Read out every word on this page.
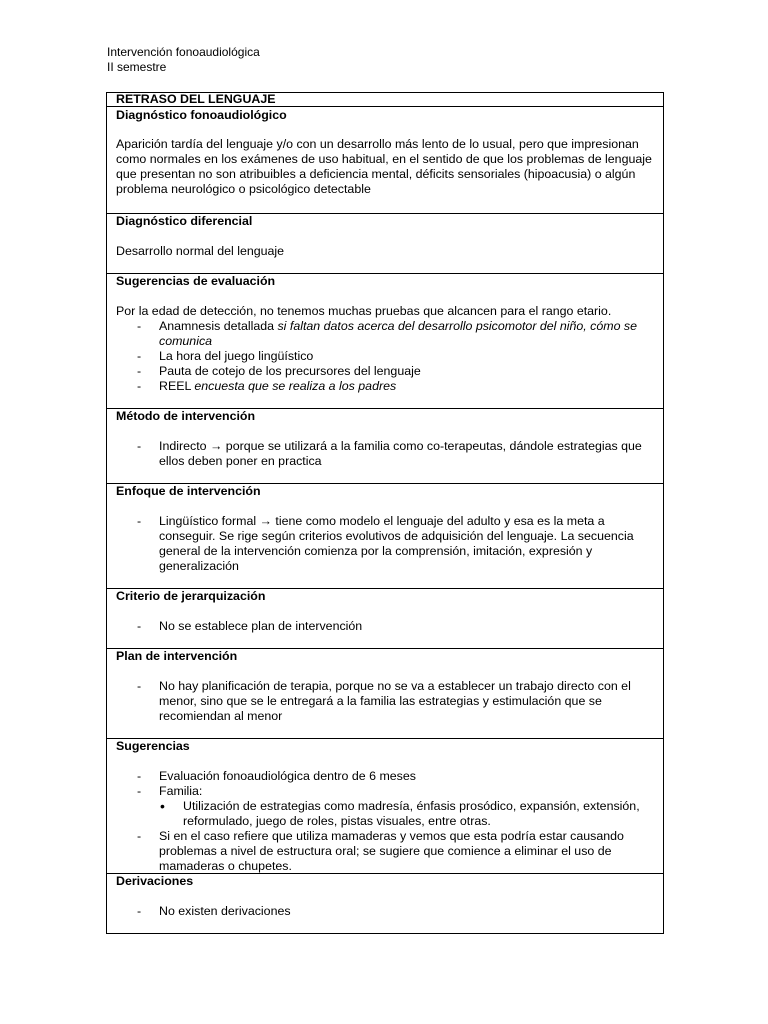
Intervención fonoaudiológica
II semestre
RETRASO DEL LENGUAJE

Diagnóstico fonoaudiológico

Aparición tardía del lenguaje y/o con un desarrollo más lento de lo usual, pero que impresionan como normales en los exámenes de uso habitual, en el sentido de que los problemas de lenguaje que presentan no son atribuibles a deficiencia mental, déficits sensoriales (hipoacusia) o algún problema neurológico o psicológico detectable

Diagnóstico diferencial

Desarrollo normal del lenguaje

Sugerencias de evaluación

Por la edad de detección, no tenemos muchas pruebas que alcancen para el rango etario.

- Anamnesis detallada si faltan datos acerca del desarrollo psicomotor del niño, cómo se comunica
- La hora del juego lingüístico
- Pauta de cotejo de los precursores del lenguaje
- REEL encuesta que se realiza a los padres

Método de intervención

- Indirecto → porque se utilizará a la familia como co-terapeutas, dándole estrategias que ellos deben poner en practica

Enfoque de intervención

- Lingüístico formal → tiene como modelo el lenguaje del adulto y esa es la meta a conseguir. Se rige según criterios evolutivos de adquisición del lenguaje. La secuencia general de la intervención comienza por la comprensión, imitación, expresión y generalización

Criterio de jerarquización

- No se establece plan de intervención

Plan de intervención

- No hay planificación de terapia, porque no se va a establecer un trabajo directo con el menor, sino que se le entregará a la familia las estrategias y estimulación que se recomiendan al menor

Sugerencias

- Evaluación fonoaudiológica dentro de 6 meses
- Familia:
• Utilización de estrategias como madresía, énfasis prosódico, expansión, extensión, reformulado, juego de roles, pistas visuales, entre otras.
- Si en el caso refiere que utiliza mamaderas y vemos que esta podría estar causando problemas a nivel de estructura oral; se sugiere que comience a eliminar el uso de mamaderas o chupetes.

Derivaciones

- No existen derivaciones
